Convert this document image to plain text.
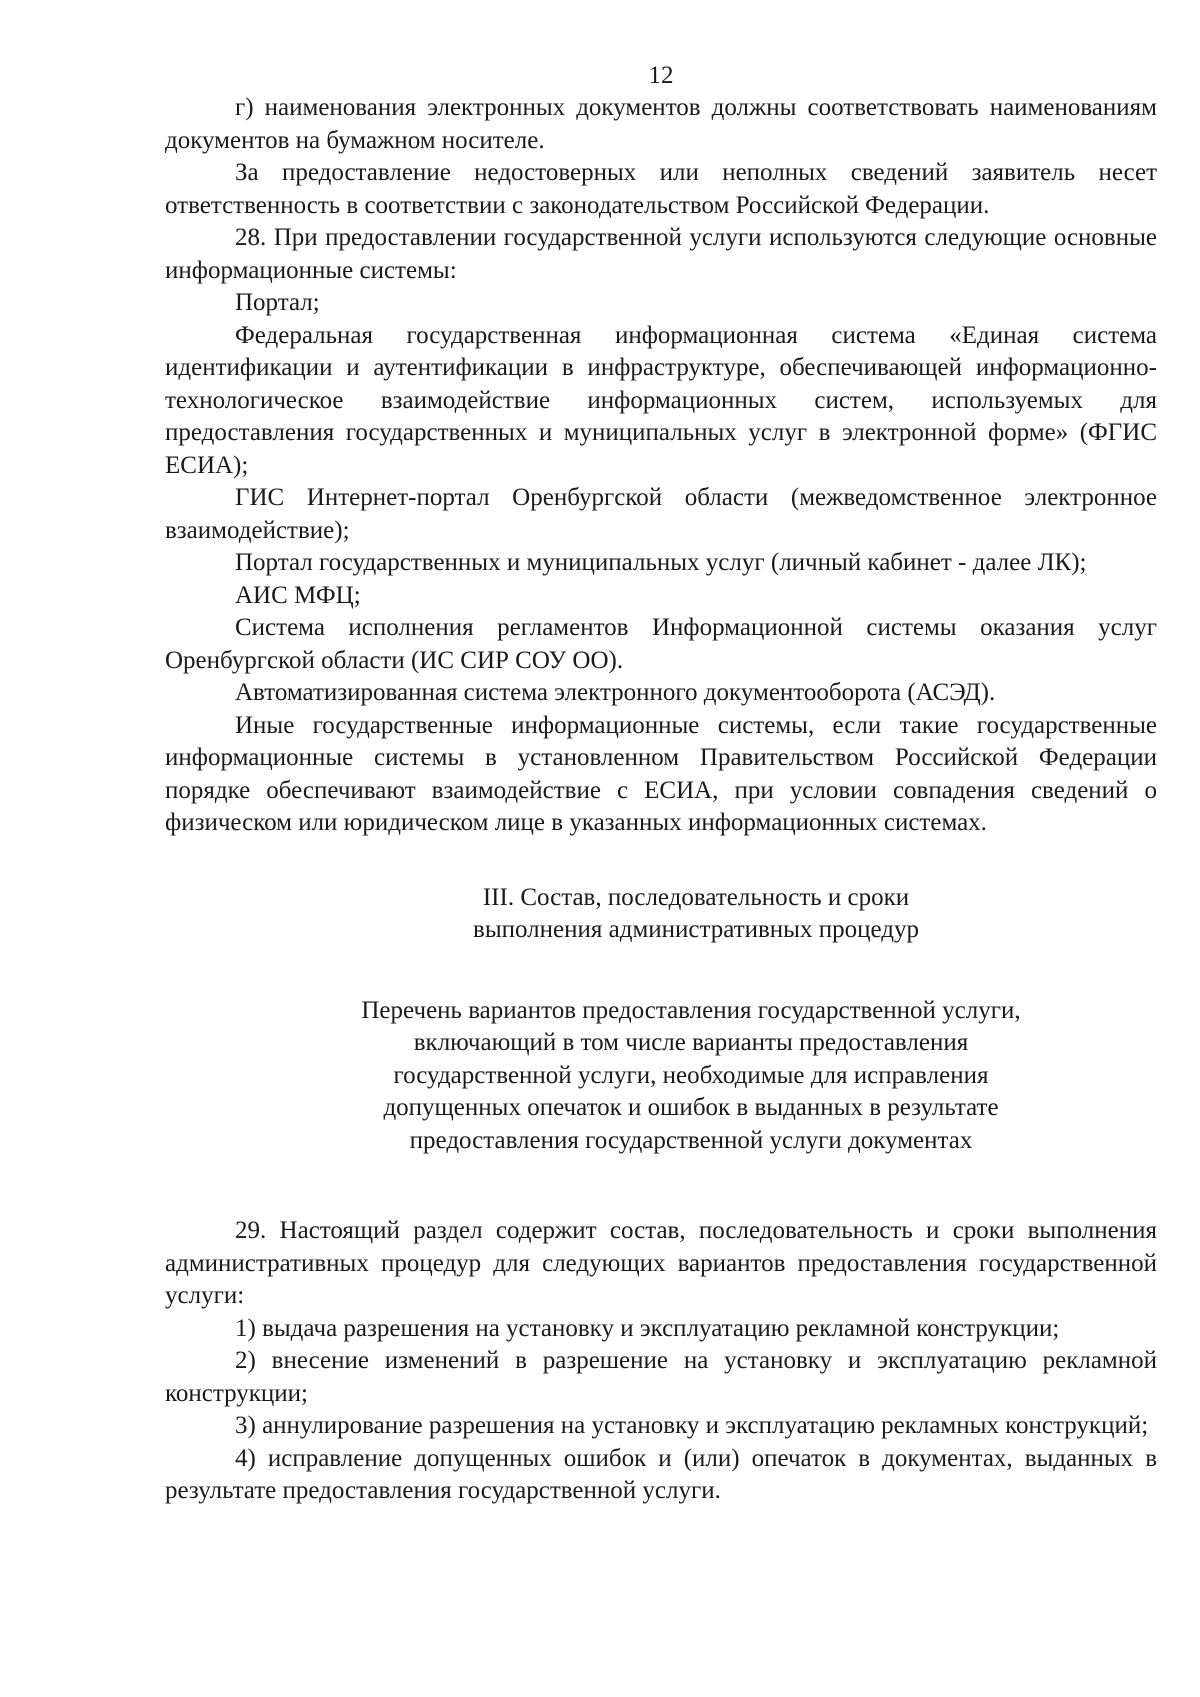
12

г) наименования электронных документов должны соответствовать наименованиям документов на бумажном носителе.

За предоставление недостоверных или неполных сведений заявитель несет ответственность в соответствии с законодательством Российской Федерации.

28. При предоставлении государственной услуги используются следующие основные информационные системы:

Портал;

Федеральная государственная информационная система «Единая система идентификации и аутентификации в инфраструктуре, обеспечивающей информационно-технологическое взаимодействие информационных систем, используемых для предоставления государственных и муниципальных услуг в электронной форме» (ФГИС ЕСИА);

ГИС Интернет-портал Оренбургской области (межведомственное электронное взаимодействие);

Портал государственных и муниципальных услуг (личный кабинет - далее ЛК);

АИС МФЦ;

Система исполнения регламентов Информационной системы оказания услуг Оренбургской области (ИС СИР СОУ ОО).

Автоматизированная система электронного документооборота (АСЭД).

Иные государственные информационные системы, если такие государственные информационные системы в установленном Правительством Российской Федерации порядке обеспечивают взаимодействие с ЕСИА, при условии совпадения сведений о физическом или юридическом лице в указанных информационных системах.

III. Состав, последовательность и сроки
выполнения административных процедур
Перечень вариантов предоставления государственной услуги,
включающий в том числе варианты предоставления
государственной услуги, необходимые для исправления
допущенных опечаток и ошибок в выданных в результате
предоставления государственной услуги документах

29. Настоящий раздел содержит состав, последовательность и сроки выполнения административных процедур для следующих вариантов предоставления государственной услуги:

1) выдача разрешения на установку и эксплуатацию рекламной конструкции;

2) внесение изменений в разрешение на установку и эксплуатацию рекламной конструкции;

3) аннулирование разрешения на установку и эксплуатацию рекламных конструкций;

4) исправление допущенных ошибок и (или) опечаток в документах, выданных в результате предоставления государственной услуги.
